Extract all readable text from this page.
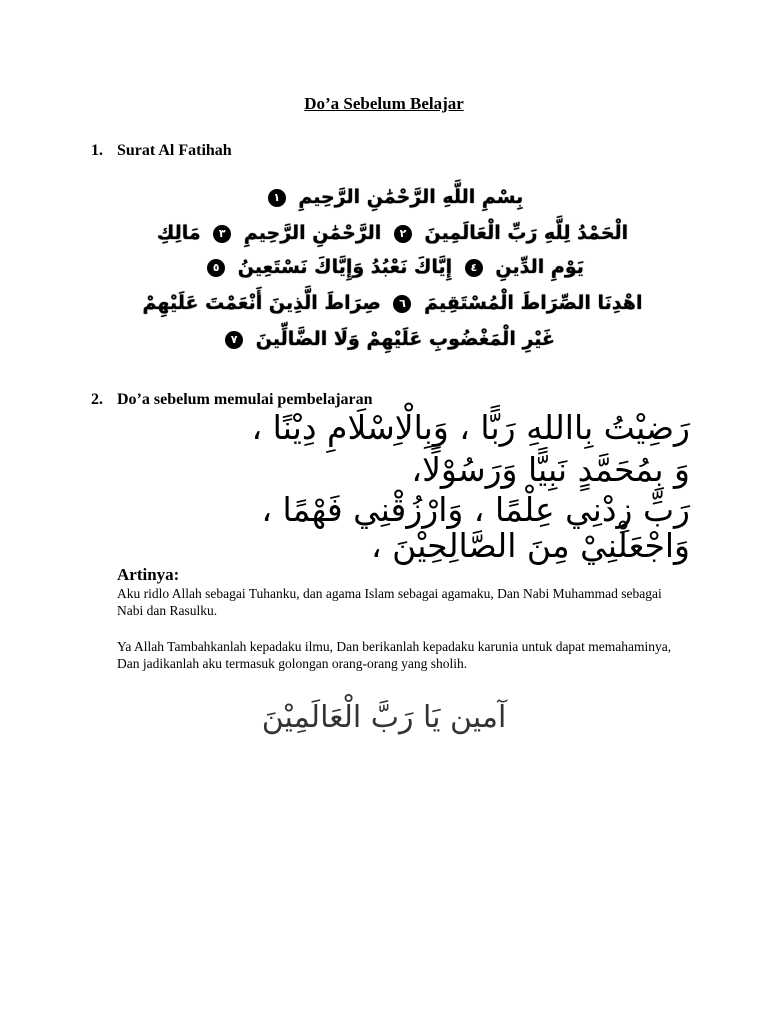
Do’a Sebelum Belajar
1. Surat Al Fatihah
بِسْمِ اللَّهِ الرَّحْمَٰنِ الرَّحِيمِ ١
الْحَمْدُ لِلَّهِ رَبِّ الْعَالَمِينَ ٢ الرَّحْمَٰنِ الرَّحِيمِ ٣ مَالِكِ
يَوْمِ الدِّينِ ٤ إِيَّاكَ نَعْبُدُ وَإِيَّاكَ نَسْتَعِينُ ٥
اهْدِنَا الصِّرَاطَ الْمُسْتَقِيمَ ٦ صِرَاطَ الَّذِينَ أَنْعَمْتَ عَلَيْهِمْ
غَيْرِ الْمَغْضُوبِ عَلَيْهِمْ وَلَا الضَّالِّينَ ٧
2. Do’a sebelum memulai pembelajaran
رَضِيْتُ بِااللهِ رَبًّا ، وَبِالْاِسْلَامِ دِيْنًا ،
وَ بِمُحَمَّدٍ نَبِيًّا وَرَسُوْلًا،
رَبِّ زِدْنِي عِلْمًا ، وَارْزُقْنِي فَهْمًا ،
وَاجْعَلْنِيْ مِنَ الصَّالِحِيْنَ ،
Artinya:
Aku ridlo Allah sebagai Tuhanku, dan agama Islam sebagai agamaku, Dan Nabi Muhammad sebagai Nabi dan Rasulku.
Ya Allah Tambahkanlah kepadaku ilmu, Dan berikanlah kepadaku karunia untuk dapat memahaminya, Dan jadikanlah aku termasuk golongan orang-orang yang sholih.
آمين يَا رَبَّ الْعَالَمِيْنَ
